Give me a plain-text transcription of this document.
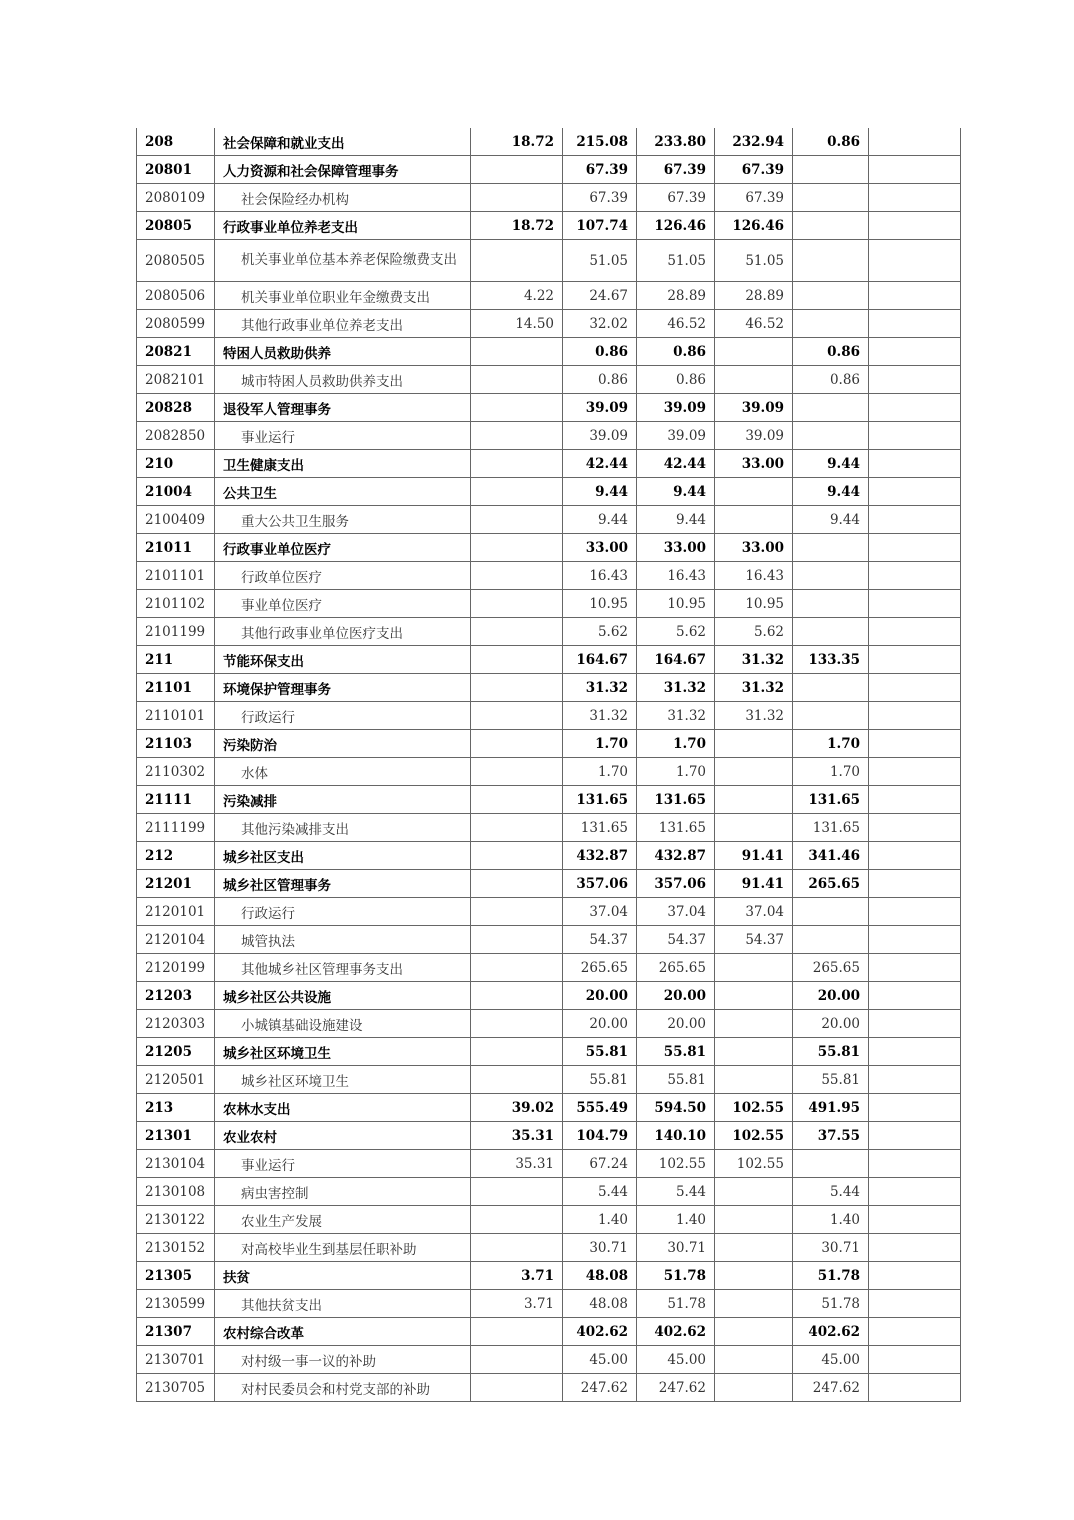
208	社会保障和就业支出	18.72	215.08	233.80	232.94	0.86	
20801	人力资源和社会保障管理事务		67.39	67.39	67.39		
2080109	社会保险经办机构		67.39	67.39	67.39		
20805	行政事业单位养老支出	18.72	107.74	126.46	126.46		
2080505	机关事业单位基本养老保险缴费支出		51.05	51.05	51.05		
2080506	机关事业单位职业年金缴费支出	4.22	24.67	28.89	28.89		
2080599	其他行政事业单位养老支出	14.50	32.02	46.52	46.52		
20821	特困人员救助供养		0.86	0.86		0.86	
2082101	城市特困人员救助供养支出		0.86	0.86		0.86	
20828	退役军人管理事务		39.09	39.09	39.09		
2082850	事业运行		39.09	39.09	39.09		
210	卫生健康支出		42.44	42.44	33.00	9.44	
21004	公共卫生		9.44	9.44		9.44	
2100409	重大公共卫生服务		9.44	9.44		9.44	
21011	行政事业单位医疗		33.00	33.00	33.00		
2101101	行政单位医疗		16.43	16.43	16.43		
2101102	事业单位医疗		10.95	10.95	10.95		
2101199	其他行政事业单位医疗支出		5.62	5.62	5.62		
211	节能环保支出		164.67	164.67	31.32	133.35	
21101	环境保护管理事务		31.32	31.32	31.32		
2110101	行政运行		31.32	31.32	31.32		
21103	污染防治		1.70	1.70		1.70	
2110302	水体		1.70	1.70		1.70	
21111	污染减排		131.65	131.65		131.65	
2111199	其他污染减排支出		131.65	131.65		131.65	
212	城乡社区支出		432.87	432.87	91.41	341.46	
21201	城乡社区管理事务		357.06	357.06	91.41	265.65	
2120101	行政运行		37.04	37.04	37.04		
2120104	城管执法		54.37	54.37	54.37		
2120199	其他城乡社区管理事务支出		265.65	265.65		265.65	
21203	城乡社区公共设施		20.00	20.00		20.00	
2120303	小城镇基础设施建设		20.00	20.00		20.00	
21205	城乡社区环境卫生		55.81	55.81		55.81	
2120501	城乡社区环境卫生		55.81	55.81		55.81	
213	农林水支出	39.02	555.49	594.50	102.55	491.95	
21301	农业农村	35.31	104.79	140.10	102.55	37.55	
2130104	事业运行	35.31	67.24	102.55	102.55		
2130108	病虫害控制		5.44	5.44		5.44	
2130122	农业生产发展		1.40	1.40		1.40	
2130152	对高校毕业生到基层任职补助		30.71	30.71		30.71	
21305	扶贫	3.71	48.08	51.78		51.78	
2130599	其他扶贫支出	3.71	48.08	51.78		51.78	
21307	农村综合改革		402.62	402.62		402.62	
2130701	对村级一事一议的补助		45.00	45.00		45.00	
2130705	对村民委员会和村党支部的补助		247.62	247.62		247.62	
